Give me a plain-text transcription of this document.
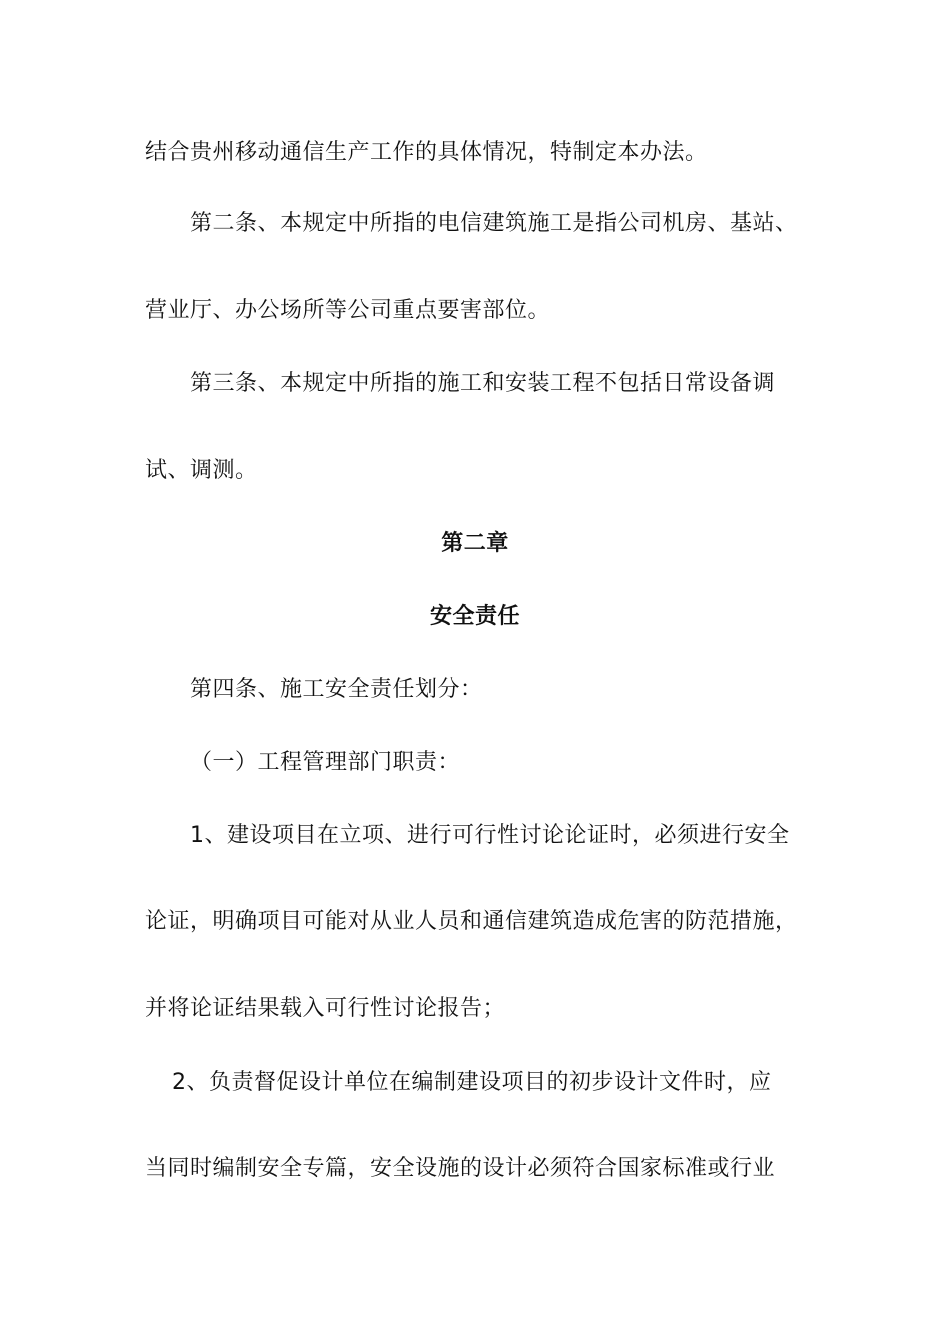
结合贵州移动通信生产工作的具体情况，特制定本办法。
第二条、本规定中所指的电信建筑施工是指公司机房、基站、
营业厅、办公场所等公司重点要害部位。
第三条、本规定中所指的施工和安装工程不包括日常设备调
试、调测。
第二章
安全责任
第四条、施工安全责任划分：
（一）工程管理部门职责：
1、建设项目在立项、进行可行性讨论论证时，必须进行安全
论证，明确项目可能对从业人员和通信建筑造成危害的防范措施，
并将论证结果载入可行性讨论报告；
2、负责督促设计单位在编制建设项目的初步设计文件时，应
当同时编制安全专篇，安全设施的设计必须符合国家标准或行业
